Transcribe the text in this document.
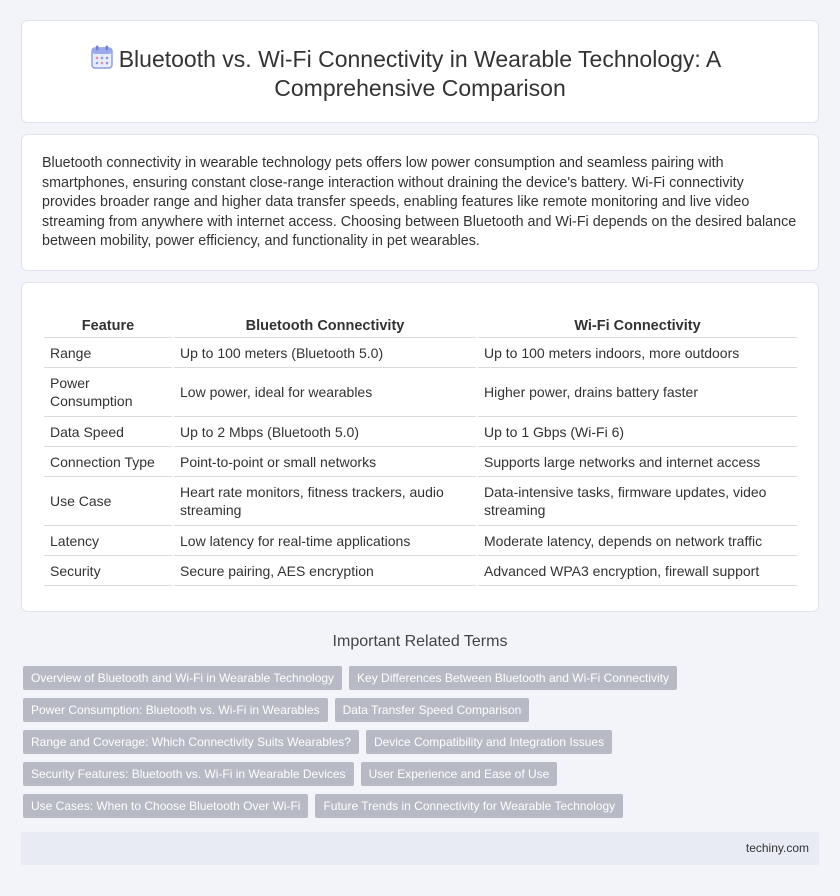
Bluetooth vs. Wi-Fi Connectivity in Wearable Technology: A Comprehensive Comparison

Bluetooth connectivity in wearable technology pets offers low power consumption and seamless pairing with smartphones, ensuring constant close-range interaction without draining the device's battery. Wi-Fi connectivity provides broader range and higher data transfer speeds, enabling features like remote monitoring and live video streaming from anywhere with internet access. Choosing between Bluetooth and Wi-Fi depends on the desired balance between mobility, power efficiency, and functionality in pet wearables.

Feature	Bluetooth Connectivity	Wi-Fi Connectivity
Range	Up to 100 meters (Bluetooth 5.0)	Up to 100 meters indoors, more outdoors
Power Consumption	Low power, ideal for wearables	Higher power, drains battery faster
Data Speed	Up to 2 Mbps (Bluetooth 5.0)	Up to 1 Gbps (Wi-Fi 6)
Connection Type	Point-to-point or small networks	Supports large networks and internet access
Use Case	Heart rate monitors, fitness trackers, audio streaming	Data-intensive tasks, firmware updates, video streaming
Latency	Low latency for real-time applications	Moderate latency, depends on network traffic
Security	Secure pairing, AES encryption	Advanced WPA3 encryption, firewall support
Important Related Terms
Overview of Bluetooth and Wi-Fi in Wearable Technology	Key Differences Between Bluetooth and Wi-Fi Connectivity
Power Consumption: Bluetooth vs. Wi-Fi in Wearables	Data Transfer Speed Comparison
Range and Coverage: Which Connectivity Suits Wearables?	Device Compatibility and Integration Issues
Security Features: Bluetooth vs. Wi-Fi in Wearable Devices	User Experience and Ease of Use
Use Cases: When to Choose Bluetooth Over Wi-Fi	Future Trends in Connectivity for Wearable Technology
techiny.com
